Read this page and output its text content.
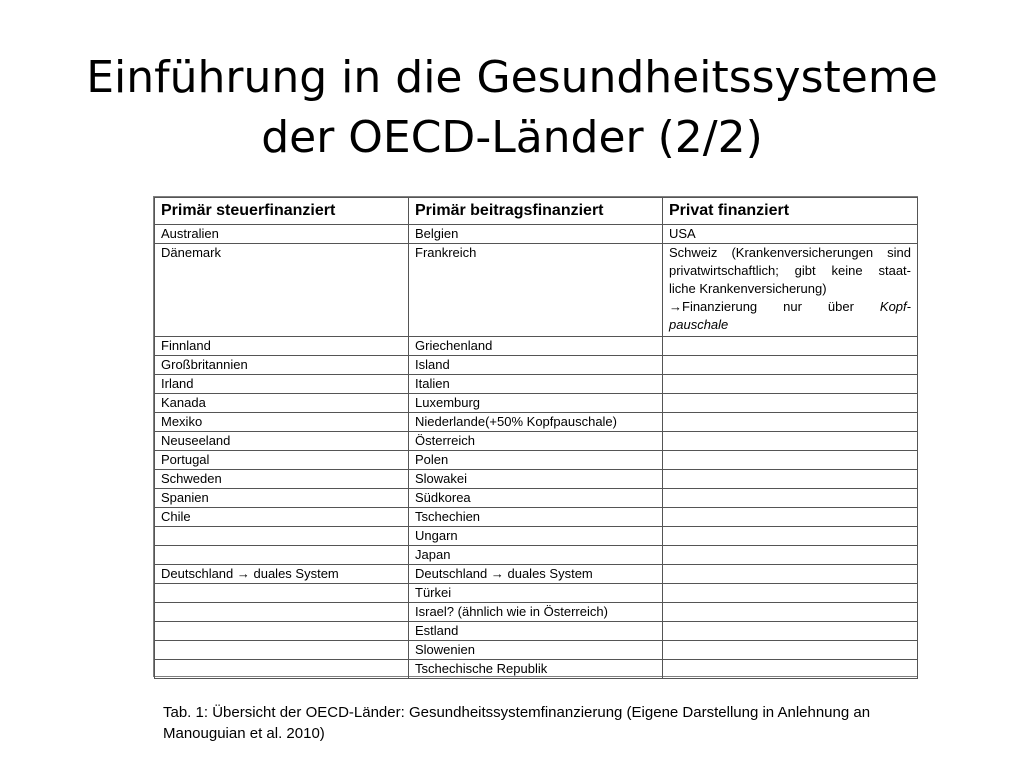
Einführung in die Gesundheitssysteme
der OECD-Länder (2/2)
Primär steuerfinanziert	Primär beitragsfinanziert	Privat finanziert
Australien	Belgien	USA
Dänemark	Frankreich	Schweiz (Krankenversicherungen sind
privatwirtschaftlich; gibt keine staat-
liche Krankenversicherung)
→Finanzierung nur über Kopf-
pauschale

Finnland	Griechenland	
Großbritannien	Island	
Irland	Italien	
Kanada	Luxemburg	
Mexiko	Niederlande(+50% Kopfpauschale)	
Neuseeland	Österreich	
Portugal	Polen	
Schweden	Slowakei	
Spanien	Südkorea	
Chile	Tschechien	
	Ungarn	
	Japan	
Deutschland → duales System	Deutschland → duales System	
	Türkei	
	Israel? (ähnlich wie in Österreich)	
	Estland	
	Slowenien	
	Tschechische Republik	
Tab. 1: Übersicht der OECD-Länder: Gesundheitssystemfinanzierung (Eigene Darstellung in Anlehnung an
Manouguian et al. 2010)
